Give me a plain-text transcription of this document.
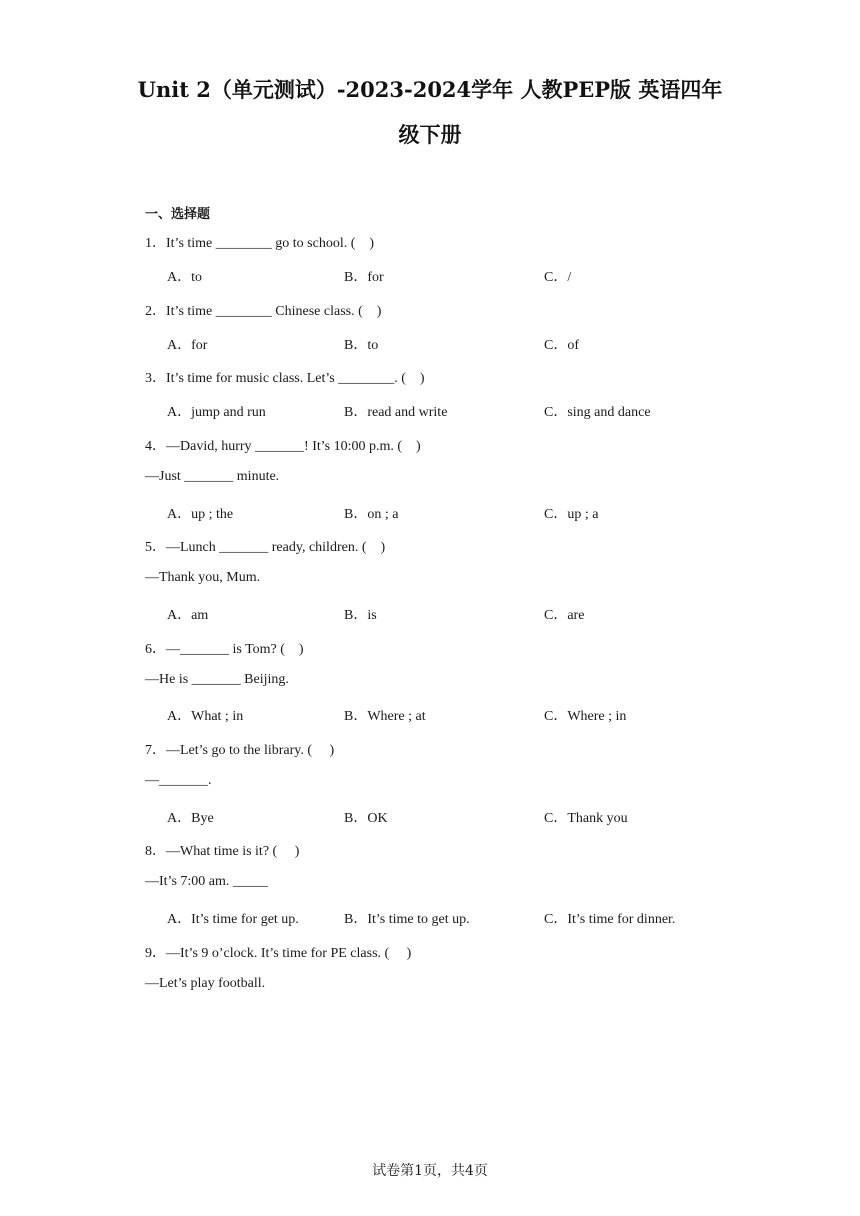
Unit 2（单元测试）-2023-2024学年 人教PEP版 英语四年
级下册
一、选择题
1．It’s time ________ go to school. (    )
A．to	B．for	C．/
2．It’s time ________ Chinese class. (    )
A．for	B．to	C．of
3．It’s time for music class. Let’s ________. (    )
A．jump and run	B．read and write	C．sing and dance
4．—David, hurry _______! It’s 10:00 p.m. (    )
—Just _______ minute.
A．up ; the	B．on ; a	C．up ; a
5．—Lunch _______ ready, children. (    )
—Thank you, Mum.
A．am	B．is	C．are
6．—_______ is Tom? (    )
—He is _______ Beijing.
A．What ; in	B．Where ; at	C．Where ; in
7．—Let’s go to the library. (     )
—_______.
A．Bye	B．OK	C．Thank you
8．—What time is it? (     )
—It’s 7:00 am. _____
A．It’s time for get up.	B．It’s time to get up.	C．It’s time for dinner.
9．—It’s 9 o’clock. It’s time for PE class. (     )
—Let’s play football.
试卷第1页，共4页
